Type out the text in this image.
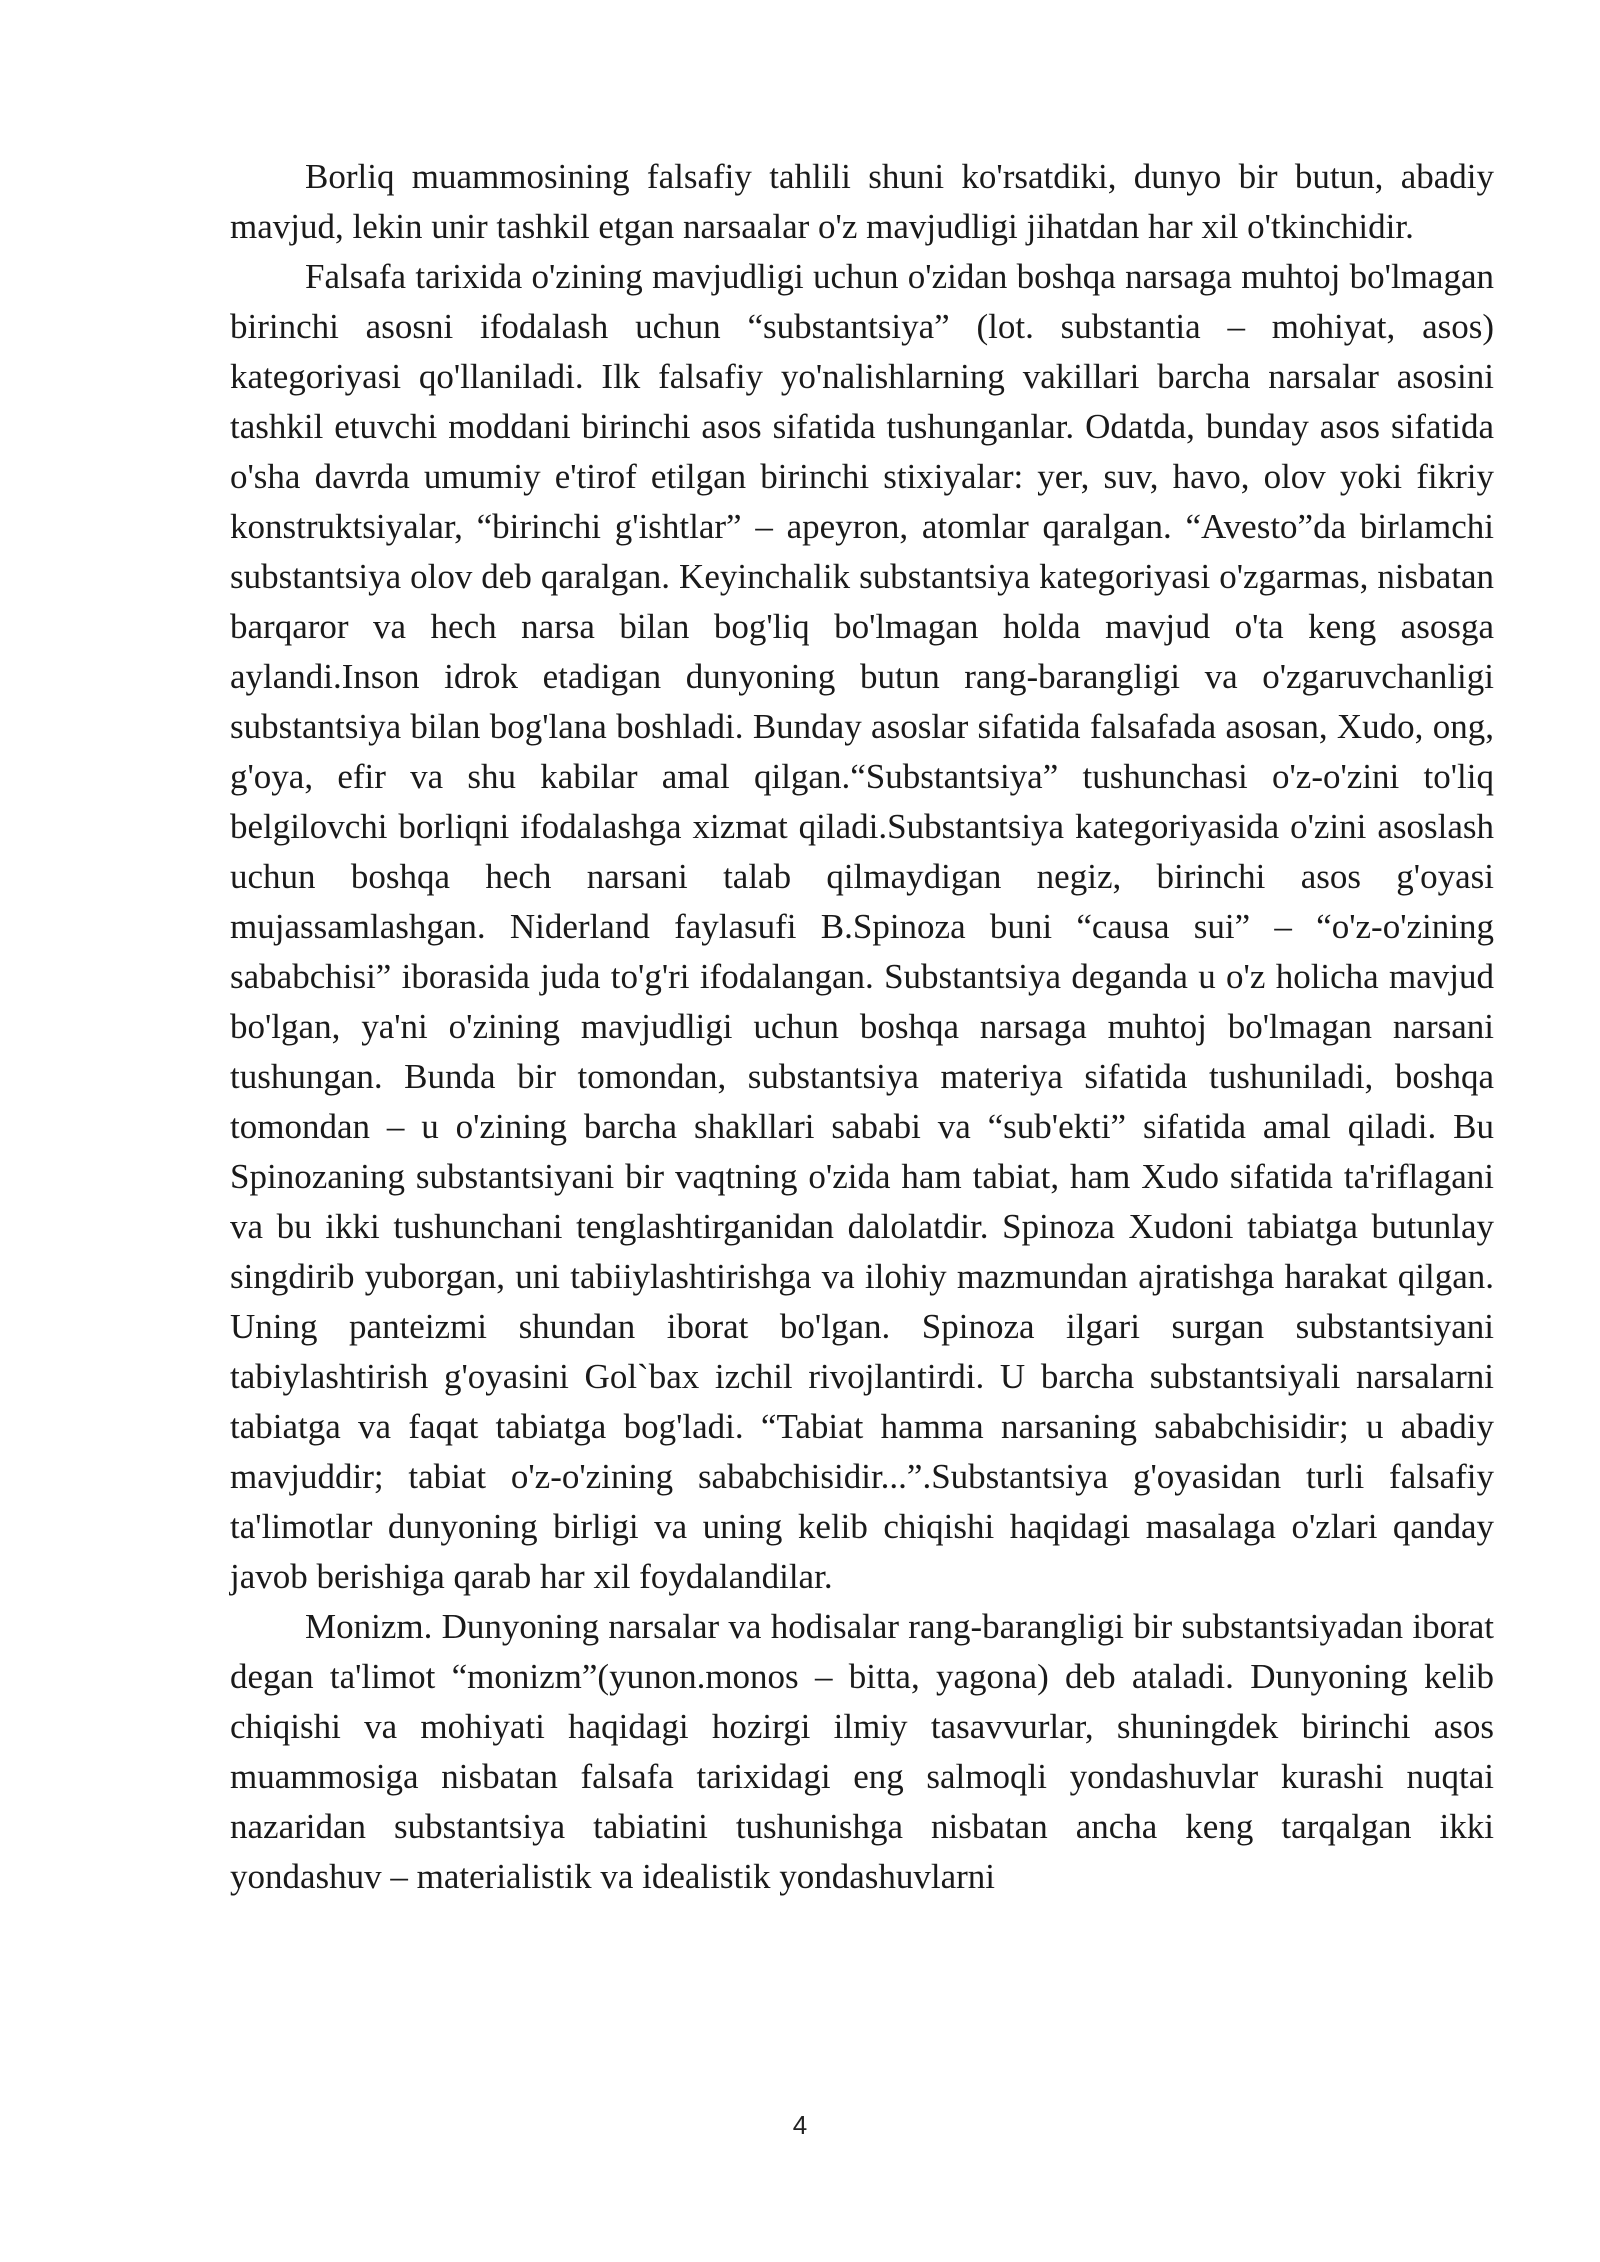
Borliq muammosining falsafiy tahlili shuni ko'rsatdiki, dunyo bir butun, abadiy mavjud, lekin unir tashkil etgan narsaalar o'z mavjudligi jihatdan har xil o'tkinchidir.

Falsafa tarixida o'zining mavjudligi uchun o'zidan boshqa narsaga muhtoj bo'lmagan birinchi asosni ifodalash uchun “substantsiya” (lot. substantia – mohiyat, asos) kategoriyasi qo'llaniladi. Ilk falsafiy yo'nalishlarning vakillari barcha narsalar asosini tashkil etuvchi moddani birinchi asos sifatida tushunganlar. Odatda, bunday asos sifatida o'sha davrda umumiy e'tirof etilgan birinchi stixiyalar: yer, suv, havo, olov yoki fikriy konstruktsiyalar, “birinchi g'ishtlar” – apeyron, atomlar qaralgan. “Avesto”da birlamchi substantsiya olov deb qaralgan. Keyinchalik substantsiya kategoriyasi o'zgarmas, nisbatan barqaror va hech narsa bilan bog'liq bo'lmagan holda mavjud o'ta keng asosga aylandi.Inson idrok etadigan dunyoning butun rang-barangligi va o'zgaruvchanligi substantsiya bilan bog'lana boshladi. Bunday asoslar sifatida falsafada asosan, Xudo, ong, g'oya, efir va shu kabilar amal qilgan.“Substantsiya” tushunchasi o'z-o'zini to'liq belgilovchi borliqni ifodalashga xizmat qiladi.Substantsiya kategoriyasida o'zini asoslash uchun boshqa hech narsani talab qilmaydigan negiz, birinchi asos g'oyasi mujassamlashgan. Niderland faylasufi B.Spinoza buni “causa sui” – “o'z-o'zining sababchisi” iborasida juda to'g'ri ifodalangan. Substantsiya deganda u o'z holicha mavjud bo'lgan, ya'ni o'zining mavjudligi uchun boshqa narsaga muhtoj bo'lmagan narsani tushungan. Bunda bir tomondan, substantsiya materiya sifatida tushuniladi, boshqa tomondan – u o'zining barcha shakllari sababi va “sub'ekti” sifatida amal qiladi. Bu Spinozaning substantsiyani bir vaqtning o'zida ham tabiat, ham Xudo sifatida ta'riflagani va bu ikki tushunchani tenglashtirganidan dalolatdir. Spinoza Xudoni tabiatga butunlay singdirib yuborgan, uni tabiiylashtirishga va ilohiy mazmundan ajratishga harakat qilgan. Uning panteizmi shundan iborat bo'lgan. Spinoza ilgari surgan substantsiyani tabiylashtirish g'oyasini Gol`bax izchil rivojlantirdi. U barcha substantsiyali narsalarni tabiatga va faqat tabiatga bog'ladi. “Tabiat hamma narsaning sababchisidir; u abadiy mavjuddir; tabiat o'z-o'zining sababchisidir...”.Substantsiya g'oyasidan turli falsafiy ta'limotlar dunyoning birligi va uning kelib chiqishi haqidagi masalaga o'zlari qanday javob berishiga qarab har xil foydalandilar.

Monizm. Dunyoning narsalar va hodisalar rang-barangligi bir substantsiyadan iborat degan ta'limot “monizm”(yunon.monos – bitta, yagona) deb ataladi. Dunyoning kelib chiqishi va mohiyati haqidagi hozirgi ilmiy tasavvurlar, shuningdek birinchi asos muammosiga nisbatan falsafa tarixidagi eng salmoqli yondashuvlar kurashi nuqtai nazaridan substantsiya tabiatini tushunishga nisbatan ancha keng tarqalgan ikki yondashuv – materialistik va idealistik yondashuvlarni

4
